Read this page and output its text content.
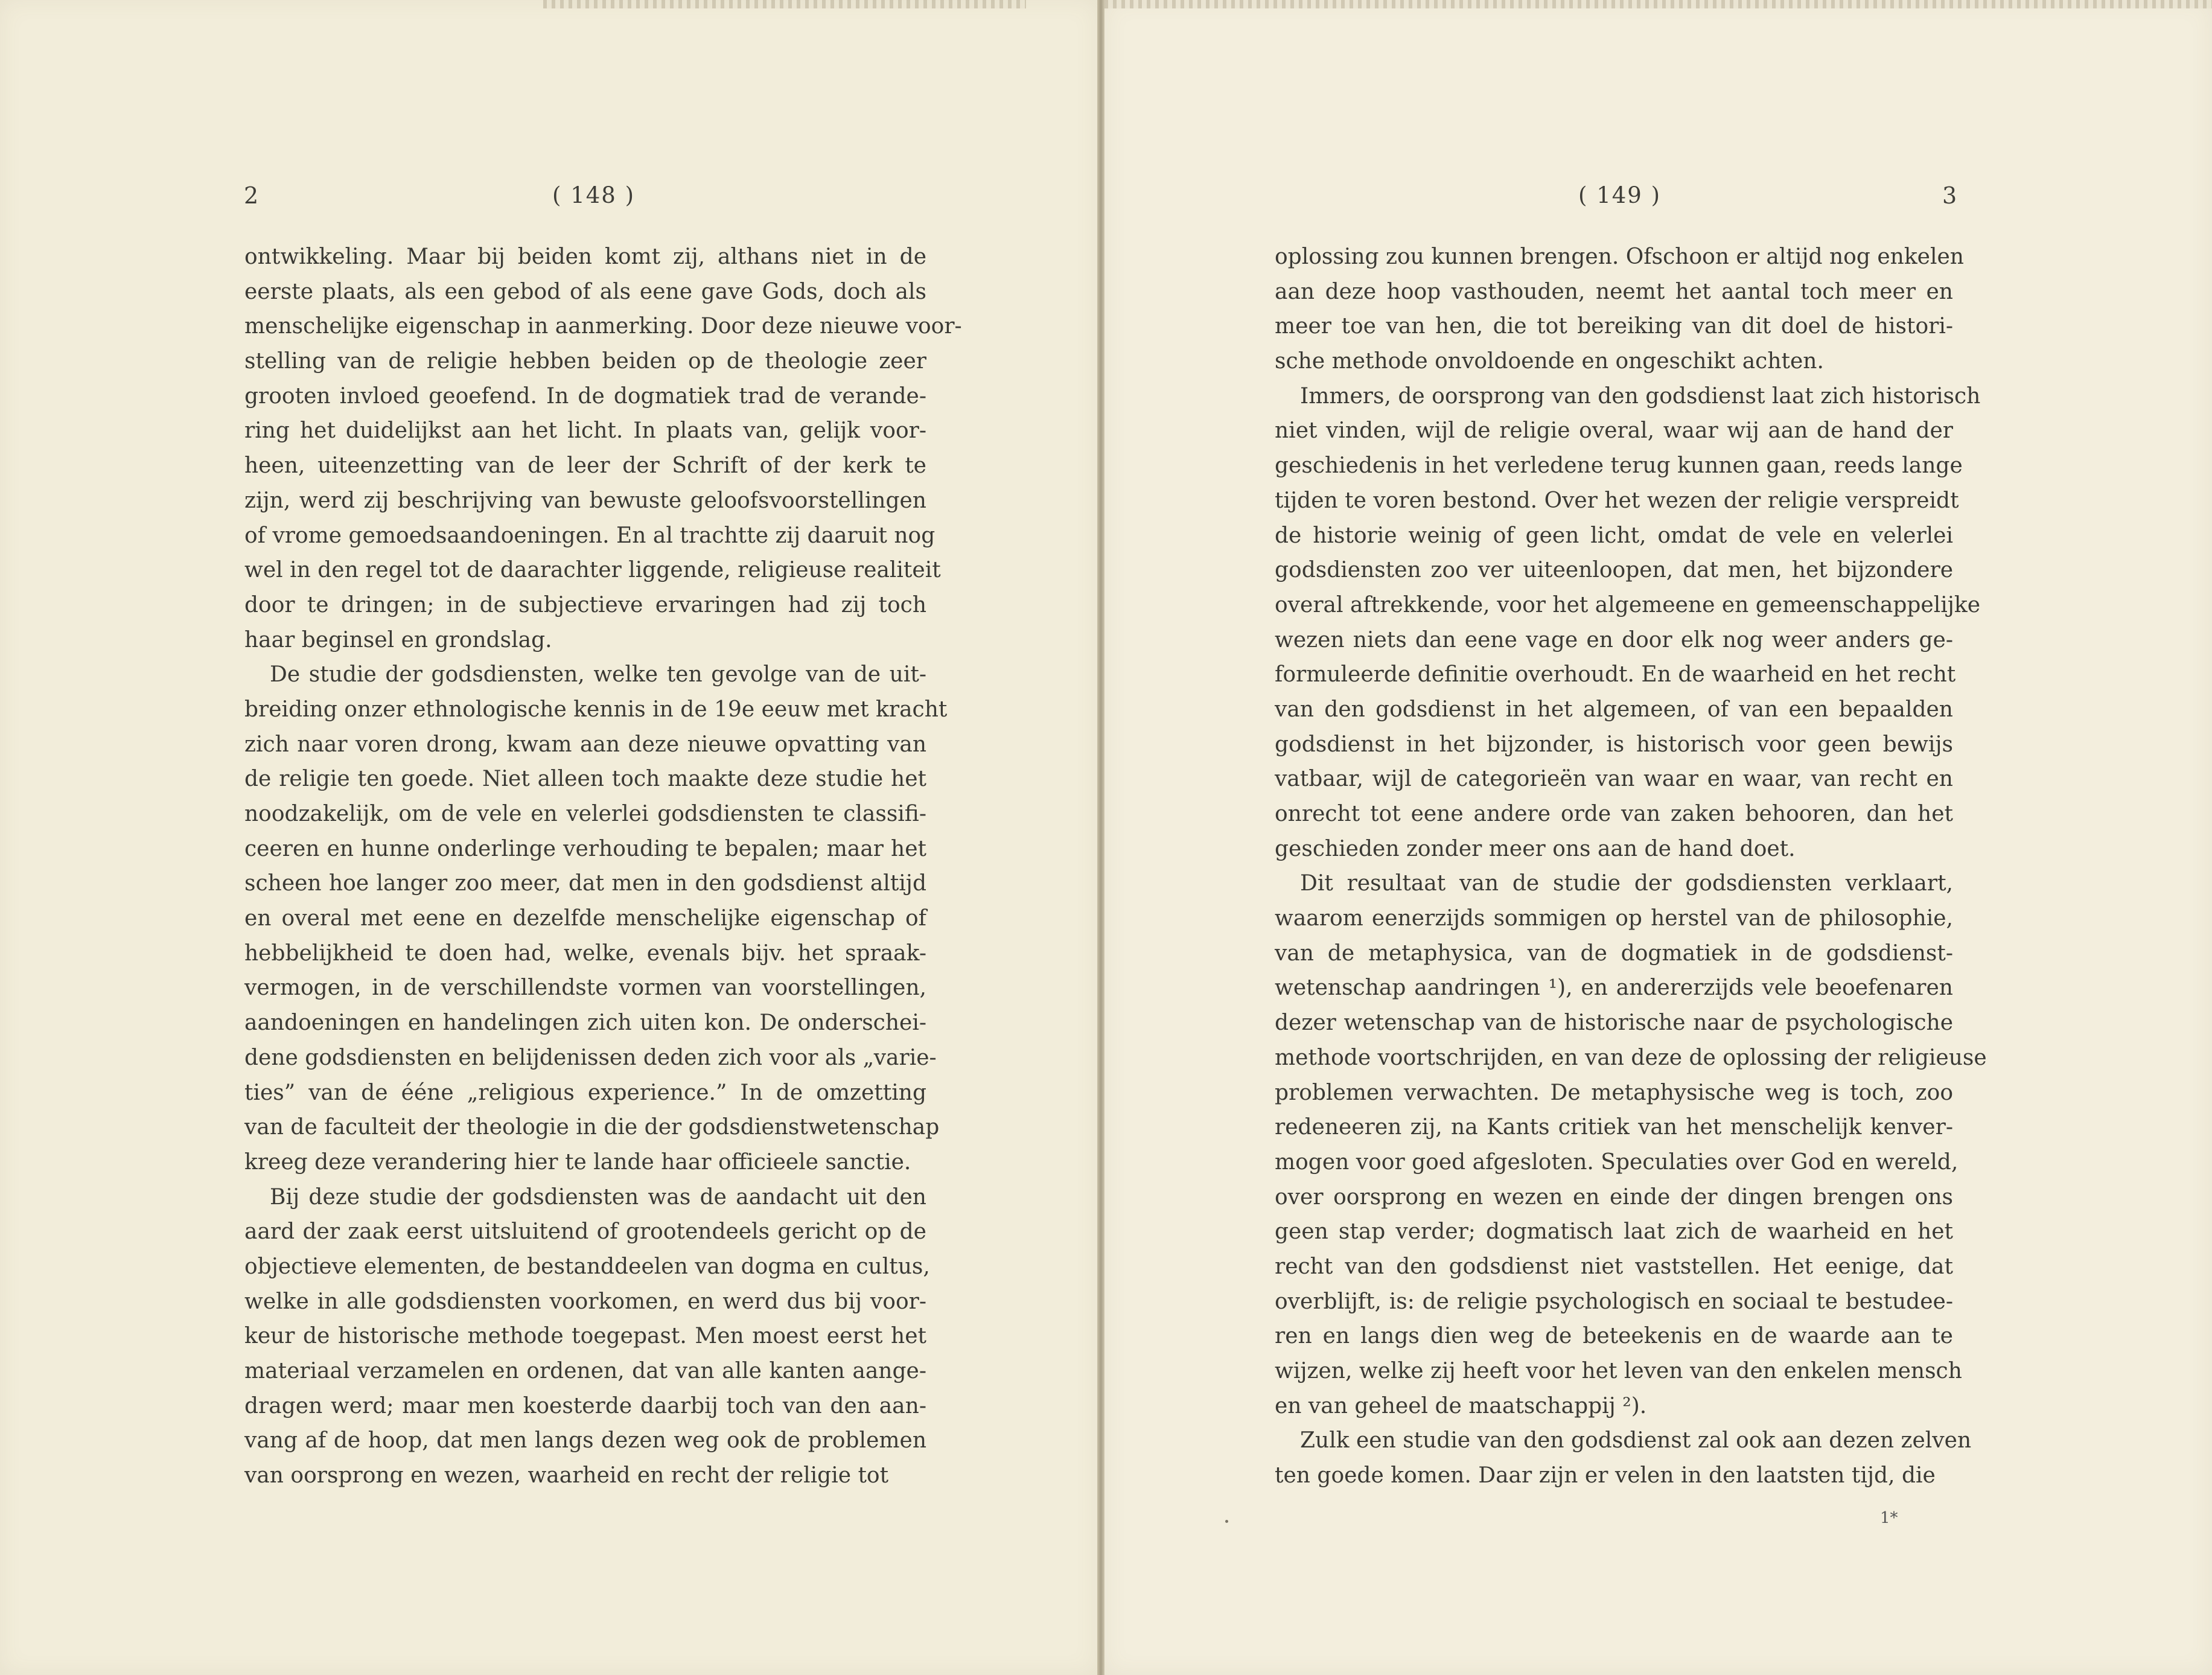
2	( 148 )
ontwikkeling. Maar bij beiden komt zij, althans niet in de
eerste plaats, als een gebod of als eene gave Gods, doch als
menschelijke eigenschap in aanmerking. Door deze nieuwe voor-
stelling van de religie hebben beiden op de theologie zeer
grooten invloed geoefend. In de dogmatiek trad de verande-
ring het duidelijkst aan het licht. In plaats van, gelijk voor-
heen, uiteenzetting van de leer der Schrift of der kerk te
zijn, werd zij beschrijving van bewuste geloofsvoorstellingen
of vrome gemoedsaandoeningen. En al trachtte zij daaruit nog
wel in den regel tot de daarachter liggende, religieuse realiteit
door te dringen; in de subjectieve ervaringen had zij toch
haar beginsel en grondslag.
De studie der godsdiensten, welke ten gevolge van de uit-
breiding onzer ethnologische kennis in de 19e eeuw met kracht
zich naar voren drong, kwam aan deze nieuwe opvatting van
de religie ten goede. Niet alleen toch maakte deze studie het
noodzakelijk, om de vele en velerlei godsdiensten te classifi-
ceeren en hunne onderlinge verhouding te bepalen; maar het
scheen hoe langer zoo meer, dat men in den godsdienst altijd
en overal met eene en dezelfde menschelijke eigenschap of
hebbelijkheid te doen had, welke, evenals bijv. het spraak-
vermogen, in de verschillendste vormen van voorstellingen,
aandoeningen en handelingen zich uiten kon. De onderschei-
dene godsdiensten en belijdenissen deden zich voor als „varie-
ties” van de ééne „religious experience.” In de omzetting
van de faculteit der theologie in die der godsdienstwetenschap
kreeg deze verandering hier te lande haar officieele sanctie.
Bij deze studie der godsdiensten was de aandacht uit den
aard der zaak eerst uitsluitend of grootendeels gericht op de
objectieve elementen, de bestanddeelen van dogma en cultus,
welke in alle godsdiensten voorkomen, en werd dus bij voor-
keur de historische methode toegepast. Men moest eerst het
materiaal verzamelen en ordenen, dat van alle kanten aange-
dragen werd; maar men koesterde daarbij toch van den aan-
vang af de hoop, dat men langs dezen weg ook de problemen
van oorsprong en wezen, waarheid en recht der religie tot
( 149 )	3
oplossing zou kunnen brengen. Ofschoon er altijd nog enkelen
aan deze hoop vasthouden, neemt het aantal toch meer en
meer toe van hen, die tot bereiking van dit doel de histori-
sche methode onvoldoende en ongeschikt achten.
Immers, de oorsprong van den godsdienst laat zich historisch
niet vinden, wijl de religie overal, waar wij aan de hand der
geschiedenis in het verledene terug kunnen gaan, reeds lange
tijden te voren bestond. Over het wezen der religie verspreidt
de historie weinig of geen licht, omdat de vele en velerlei
godsdiensten zoo ver uiteenloopen, dat men, het bijzondere
overal aftrekkende, voor het algemeene en gemeenschappelijke
wezen niets dan eene vage en door elk nog weer anders ge-
formuleerde definitie overhoudt. En de waarheid en het recht
van den godsdienst in het algemeen, of van een bepaalden
godsdienst in het bijzonder, is historisch voor geen bewijs
vatbaar, wijl de categorieën van waar en waar, van recht en
onrecht tot eene andere orde van zaken behooren, dan het
geschieden zonder meer ons aan de hand doet.
Dit resultaat van de studie der godsdiensten verklaart,
waarom eenerzijds sommigen op herstel van de philosophie,
van de metaphysica, van de dogmatiek in de godsdienst-
wetenschap aandringen ¹), en andererzijds vele beoefenaren
dezer wetenschap van de historische naar de psychologische
methode voortschrijden, en van deze de oplossing der religieuse
problemen verwachten. De metaphysische weg is toch, zoo
redeneeren zij, na Kants critiek van het menschelijk kenver-
mogen voor goed afgesloten. Speculaties over God en wereld,
over oorsprong en wezen en einde der dingen brengen ons
geen stap verder; dogmatisch laat zich de waarheid en het
recht van den godsdienst niet vaststellen. Het eenige, dat
overblijft, is: de religie psychologisch en sociaal te bestudee-
ren en langs dien weg de beteekenis en de waarde aan te
wijzen, welke zij heeft voor het leven van den enkelen mensch
en van geheel de maatschappij ²).
Zulk een studie van den godsdienst zal ook aan dezen zelven
ten goede komen. Daar zijn er velen in den laatsten tijd, die
1*
